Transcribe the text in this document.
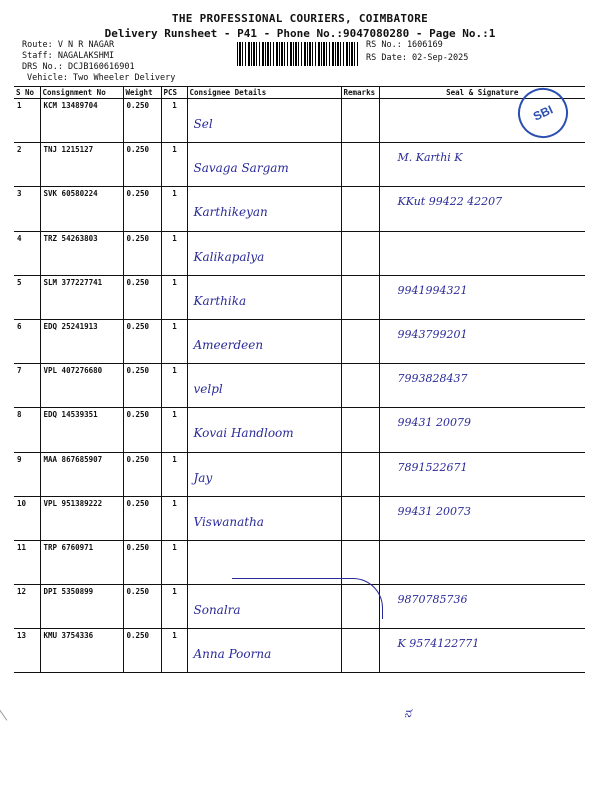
THE PROFESSIONAL COURIERS, COIMBATORE
Delivery Runsheet - P41 - Phone No.:9047080280 - Page No.:1
Route: V N R NAGAR
Staff: NAGALAKSHMI
DRS No.: DCJB160616901
Vehicle: Two Wheeler Delivery
RS No.: 1606169
RS Date: 02-Sep-2025
S No	Consignment No	Weight	PCS	Consignee Details	Remarks	Seal & Signature
1	KCM 13489704	0.250	1	Sel		

2	TNJ 1215127	0.250	1	Savaga Sargam		M. Karthi K

3	SVK 60580224	0.250	1	Karthikeyan		KKut 99422 42207

4	TRZ 54263803	0.250	1	Kalikapalya		

5	SLM 377227741	0.250	1	Karthika		9941994321

6	EDQ 25241913	0.250	1	Ameerdeen		9943799201

7	VPL 407276680	0.250	1	velpl		7993828437

8	EDQ 14539351	0.250	1	Kovai Handloom		99431 20079

9	MAA 867685907	0.250	1	Jay		7891522671

10	VPL 951389222	0.250	1	Viswanatha		99431 20073

11	TRP 6760971	0.250	1	

12	DPI 5350899	0.250	1	Sonalra		9870785736

13	KMU 3754336	0.250	1	Anna Poorna		K 9574122771
SBI
ನ
